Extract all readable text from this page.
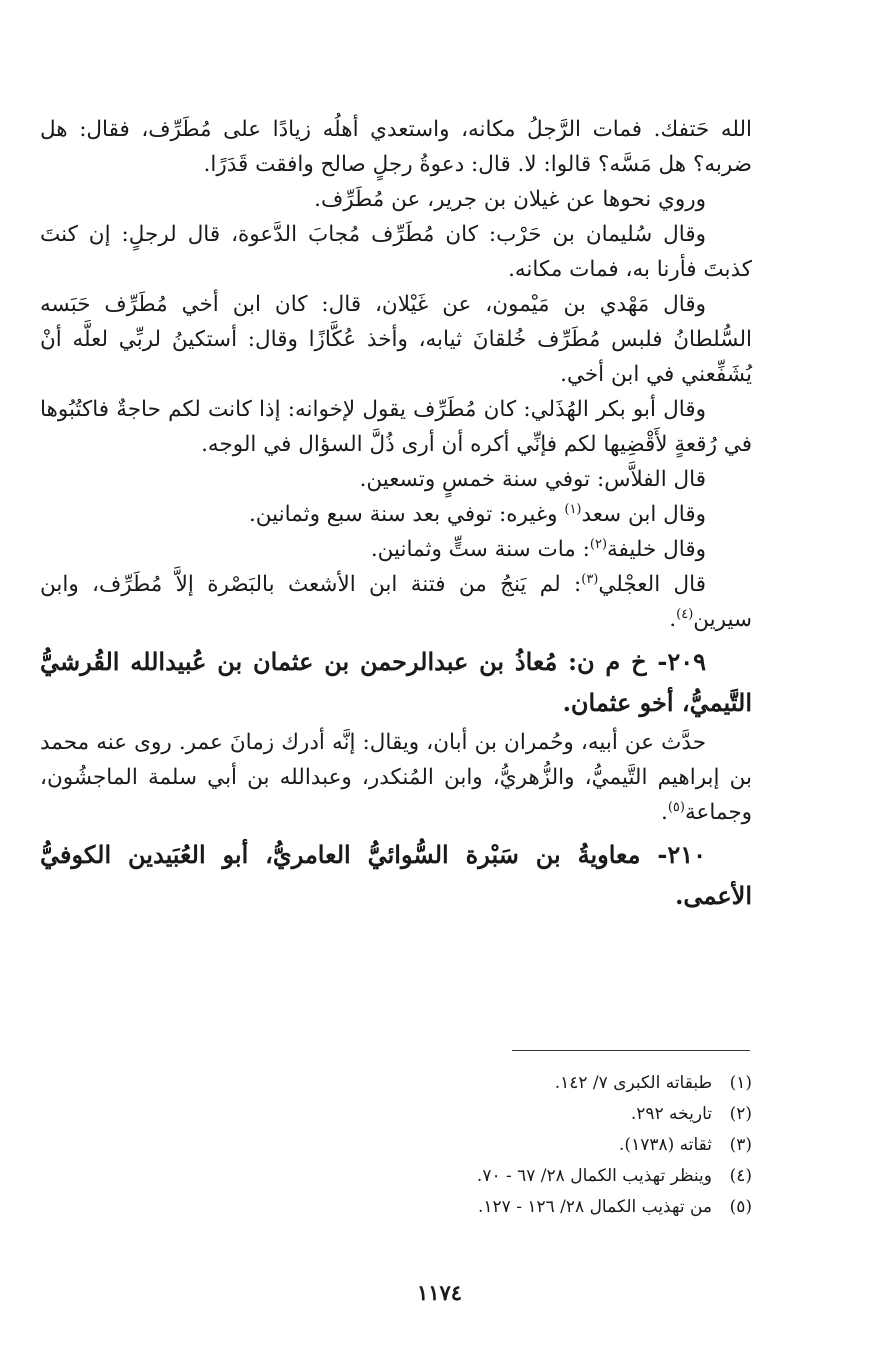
الله حَتفك. فمات الرَّجلُ مكانه، واستعدي أهلُه زيادًا على مُطَرِّف، فقال: هل ضربه؟ هل مَسَّه؟ قالوا: لا. قال: دعوةُ رجلٍ صالح وافقت قَدَرًا.

وروي نحوها عن غيلان بن جرير، عن مُطَرِّف.

وقال سُليمان بن حَرْب: كان مُطَرِّف مُجابَ الدَّعوة، قال لرجلٍ: إن كنتَ كذبتَ فأرنا به، فمات مكانه.

وقال مَهْدي بن مَيْمون، عن غَيْلان، قال: كان ابن أخي مُطَرِّف حَبَسه السُّلطانُ فلبس مُطَرِّف خُلقانَ ثيابه، وأخذ عُكَّازًا وقال: أستكينُ لربِّي لعلَّه أنْ يُشَفِّعني في ابن أخي.

وقال أبو بكر الهُذَلي: كان مُطَرِّف يقول لإخوانه: إذا كانت لكم حاجةٌ فاكتُبُوها في رُقعةٍ لأَقْضِيها لكم فإنِّي أكره أن أرى ذُلَّ السؤال في الوجه.

قال الفلاَّس: توفي سنة خمسٍ وتسعين.

وقال ابن سعد$^{(١)}$ وغيره: توفي بعد سنة سبع وثمانين.

وقال خليفة$^{(٢)}$: مات سنة ستٍّ وثمانين.

قال العجْلي$^{(٣)}$: لم يَنجُ من فتنة ابن الأشعث بالبَصْرة إلاَّ مُطَرِّف، وابن سيرين$^{(٤)}$.

٢٠٩- خ م ن: مُعاذُ بن عبدالرحمن بن عثمان بن عُبيدالله القُرشيُّ التَّيميُّ، أخو عثمان.

حدَّث عن أبيه، وحُمران بن أبان، ويقال: إنَّه أدرك زمانَ عمر. روى عنه محمد بن إبراهيم التَّيميُّ، والزُّهريُّ، وابن المُنكدر، وعبدالله بن أبي سلمة الماجشُون، وجماعة$^{(٥)}$.

٢١٠- معاويةُ بن سَبْرة السُّوائيُّ العامريُّ، أبو العُبَيدين الكوفيُّ الأعمى.

(١)
طبقاته الكبرى ٧/ ١٤٢.
(٢)
تاريخه ٢٩٢.
(٣)
ثقاته (١٧٣٨).
(٤)
وينظر تهذيب الكمال ٢٨/ ٦٧ - ٧٠.
(٥)
من تهذيب الكمال ٢٨/ ١٢٦ - ١٢٧.
١١٧٤
